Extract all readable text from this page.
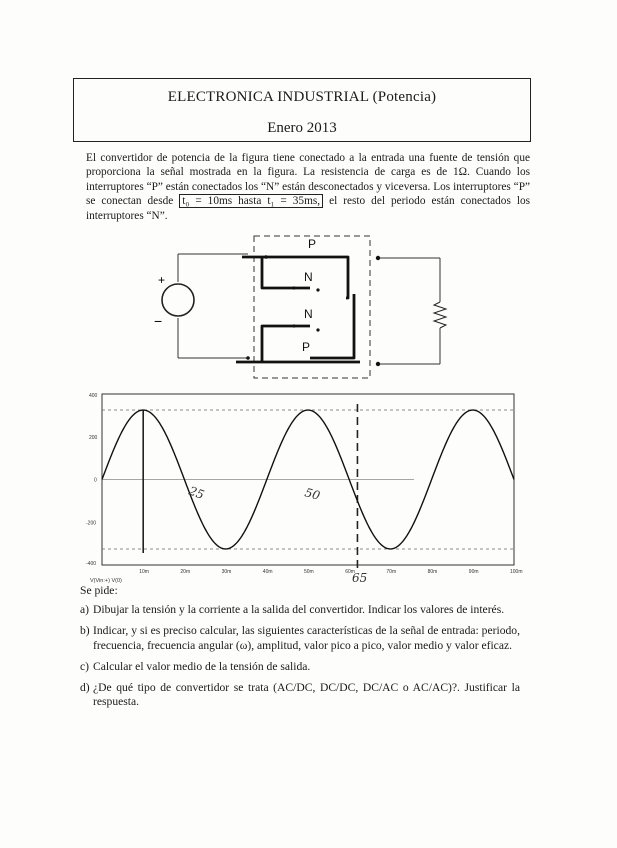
ELECTRONICA INDUSTRIAL (Potencia)
Enero 2013

El convertidor de potencia de la figura tiene conectado a la entrada una fuente de tensión que proporciona la señal mostrada en la figura. La resistencia de carga es de 1Ω. Cuando los interruptores “P” están conectados los “N” están desconectados y viceversa. Los interruptores “P” se conectan desde t₀ = 10ms hasta t₁ = 35ms, el resto del periodo están conectados los interruptores “N”.

+
−
P
N
N
P
400
200
0
-200
-400
10m	20m	30m	40m	50m	60m	70m	80m	90m	100m
V(Vin:+) V(0)
25	50
65
Se pide:
a) Dibujar la tensión y la corriente a la salida del convertidor. Indicar los valores de interés.
b) Indicar, y si es preciso calcular, las siguientes características de la señal de entrada: periodo, frecuencia, frecuencia angular (ω), amplitud, valor pico a pico, valor medio y valor eficaz.
c) Calcular el valor medio de la tensión de salida.
d) ¿De qué tipo de convertidor se trata (AC/DC, DC/DC, DC/AC o AC/AC)?. Justificar la respuesta.
